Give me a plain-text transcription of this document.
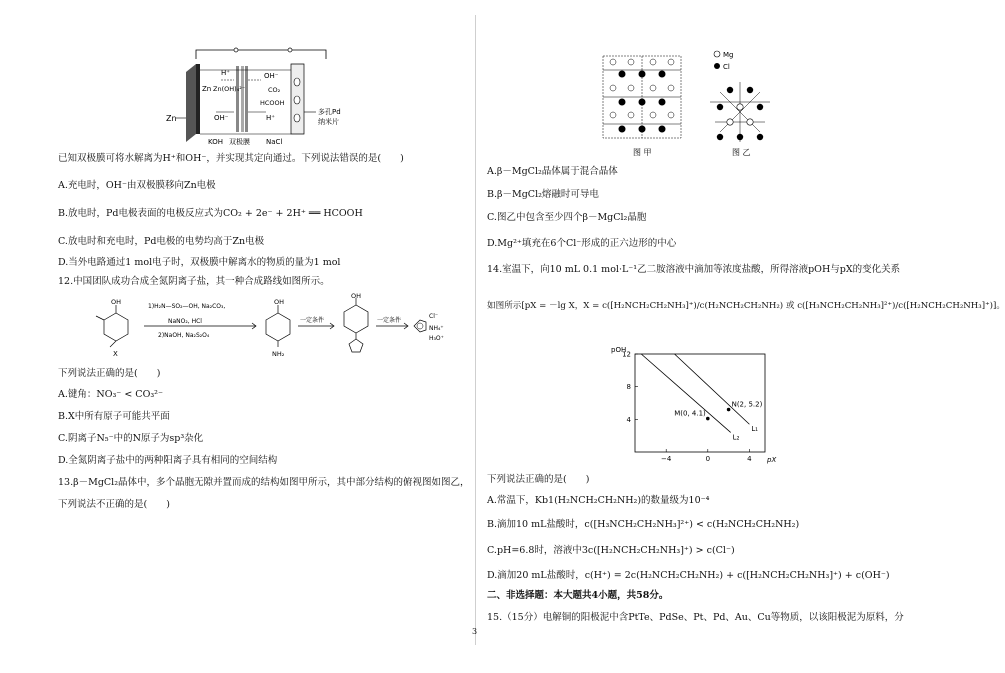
Zn
Zn Zn(OH)₄²⁻
H⁺	OH⁻
CO₂
HCOOH
OH⁻	H⁺
KOH 双极膜 NaCl
多孔Pd
纳米片
已知双极膜可将水解离为H⁺和OH⁻，并实现其定向通过。下列说法错误的是(　　)
A.充电时，OH⁻由双极膜移向Zn电极
B.放电时，Pd电极表面的电极反应式为CO₂ + 2e⁻ + 2H⁺ ══ HCOOH
C.放电时和充电时，Pd电极的电势均高于Zn电极
D.当外电路通过1 mol电子时，双极膜中解离水的物质的量为1 mol
12.中国团队成功合成全氮阴离子盐，其一种合成路线如图所示。
OH
X
1)H₂N—SO₂—OH, Na₂CO₃,
NaNO₂, HCl
2)NaOH, Na₂S₂O₄
OH
NH₂
一定条件
OH
一定条件
Cl⁻
NH₄⁺
H₃O⁺
下列说法正确的是(　　)
A.键角：NO₃⁻ < CO₃²⁻
B.X中所有原子可能共平面
C.阴离子N₅⁻中的N原子为sp³杂化
D.全氮阴离子盐中的两种阳离子具有相同的空间结构
13.β－MgCl₂晶体中，多个晶胞无隙并置而成的结构如图甲所示，其中部分结构的俯视图如图乙，
下列说法不正确的是(　　)
Mg
Cl
图 甲	图 乙
A.β－MgCl₂晶体属于混合晶体
B.β－MgCl₂熔融时可导电
C.图乙中包含至少四个β－MgCl₂晶胞
D.Mg²⁺填充在6个Cl⁻形成的正六边形的中心
14.室温下，向10 mL 0.1 mol·L⁻¹乙二胺溶液中滴加等浓度盐酸，所得溶液pOH与pX的变化关系
如图所示[pX = －lg X，X = c([H₂NCH₂CH₂NH₃]⁺)/c(H₂NCH₂CH₂NH₂) 或 c([H₃NCH₂CH₂NH₃]²⁺)/c([H₂NCH₂CH₂NH₃]⁺)]。
pOH
pX
4
8
12
−4	0	4
L₁
L₂
M(0, 4.1)
N(2, 5.2)
下列说法正确的是(　　)
A.常温下，Kb1(H₂NCH₂CH₂NH₂)的数量级为10⁻⁴
B.滴加10 mL盐酸时，c([H₃NCH₂CH₂NH₃]²⁺) < c(H₂NCH₂CH₂NH₂)
C.pH=6.8时，溶液中3c([H₂NCH₂CH₂NH₃]⁺) > c(Cl⁻)
D.滴加20 mL盐酸时，c(H⁺) = 2c(H₂NCH₂CH₂NH₂) + c([H₂NCH₂CH₂NH₃]⁺) + c(OH⁻)
二、非选择题：本大题共4小题，共58分。
15.（15分）电解铜的阳极泥中含PtTe、PdSe、Pt、Pd、Au、Cu等物质，以该阳极泥为原料，分
3
